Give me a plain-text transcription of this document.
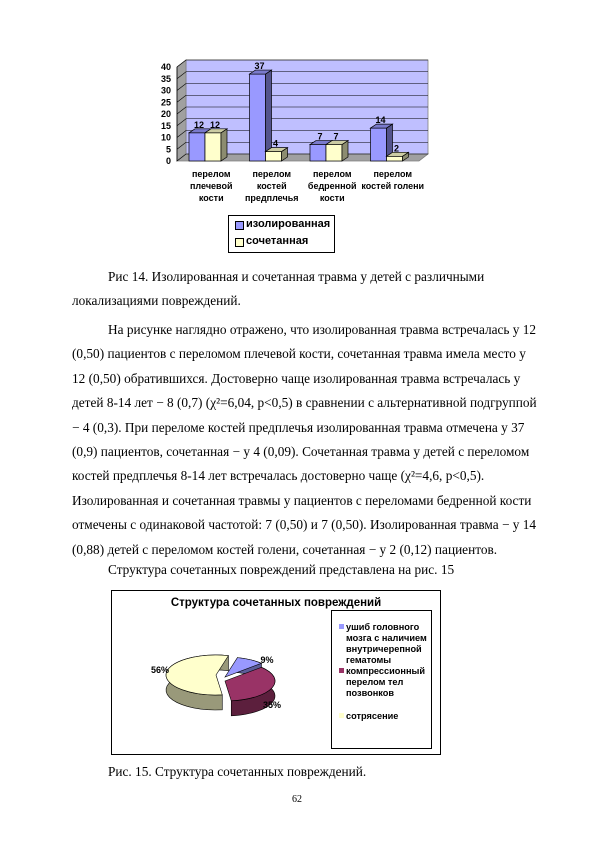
0
5
10
15
20
25
30
35
40
12 12
перелом
плечевой
кости
37
4
перелом
костей
предплечья
7 7
перелом
бедренной
кости
14
2
перелом
костей голени
изолированная
сочетанная
Рис 14. Изолированная и сочетанная травма у детей с различными
локализациями повреждений.
На рисунке наглядно отражено, что изолированная травма встречалась у 12
(0,50) пациентов с переломом плечевой кости, сочетанная травма имела место у
12 (0,50) обратившихся. Достоверно чаще изолированная травма встречалась у
детей 8-14 лет − 8 (0,7) (χ²=6,04, р<0,5) в сравнении с альтернативной подгруппой
− 4 (0,3). При переломе костей предплечья изолированная травма отмечена у 37
(0,9) пациентов, сочетанная − у 4 (0,09). Сочетанная травма у детей с переломом
костей предплечья 8-14 лет встречалась достоверно чаще (χ²=4,6, р<0,5).
Изолированная и сочетанная травмы у пациентов с переломами бедренной кости
отмечены с одинаковой частотой: 7 (0,50) и 7 (0,50). Изолированная травма − у 14
(0,88) детей с переломом костей голени, сочетанная − у 2 (0,12) пациентов.
Структура сочетанных повреждений представлена на рис. 15
Структура сочетанных повреждений
9%
35%
56%
ушиб головного мозга с наличием внутричерепной гематомы
компрессионный перелом тел позвонков
сотрясение
Рис. 15. Структура сочетанных повреждений.
62
